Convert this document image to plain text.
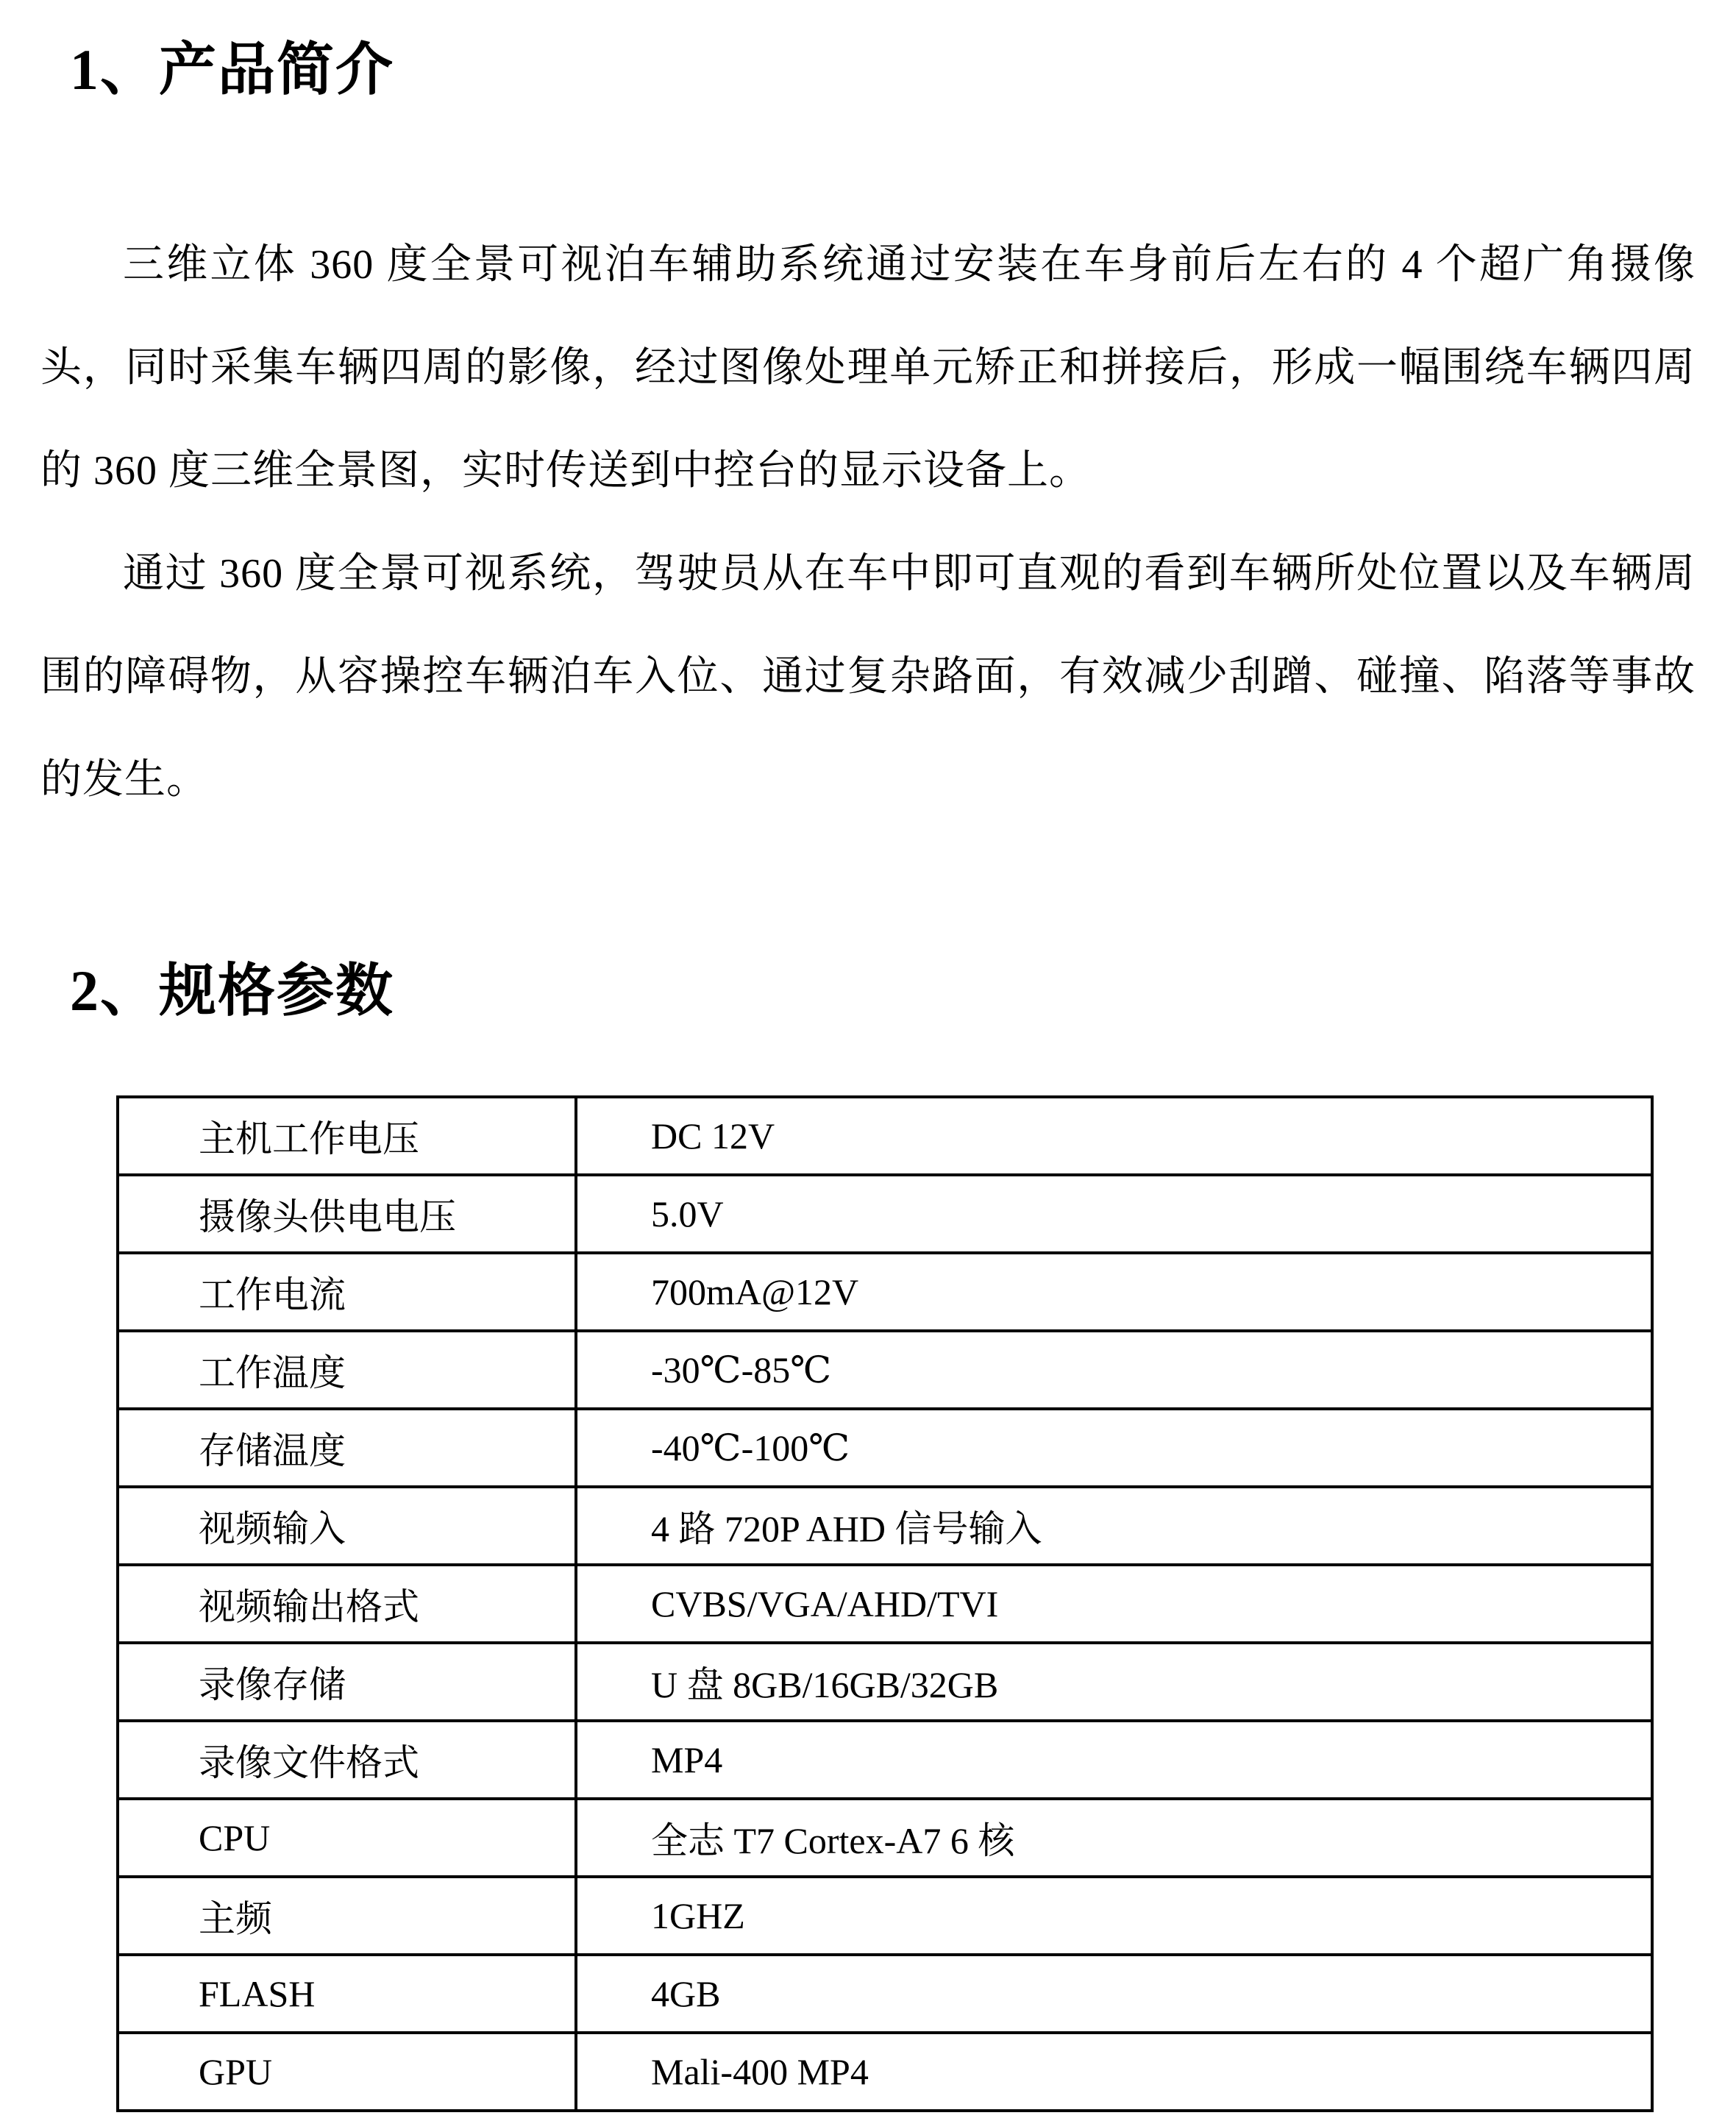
1、产品简介
三维立体 360 度全景可视泊车辅助系统通过安装在车身前后左右的 4 个超广角摄像头，同时采集车辆四周的影像，经过图像处理单元矫正和拼接后，形成一幅围绕车辆四周的 360 度三维全景图，实时传送到中控台的显示设备上。
通过 360 度全景可视系统，驾驶员从在车中即可直观的看到车辆所处位置以及车辆周围的障碍物，从容操控车辆泊车入位、通过复杂路面，有效减少刮蹭、碰撞、陷落等事故的发生。
2、规格参数
主机工作电压	DC 12V
摄像头供电电压	5.0V
工作电流	700mA@12V
工作温度	-30℃-85℃
存储温度	-40℃-100℃
视频输入	4 路 720P AHD 信号输入
视频输出格式	CVBS/VGA/AHD/TVI
录像存储	U 盘 8GB/16GB/32GB
录像文件格式	MP4
CPU	全志 T7 Cortex-A7 6 核
主频	1GHZ
FLASH	4GB
GPU	Mali-400 MP4
